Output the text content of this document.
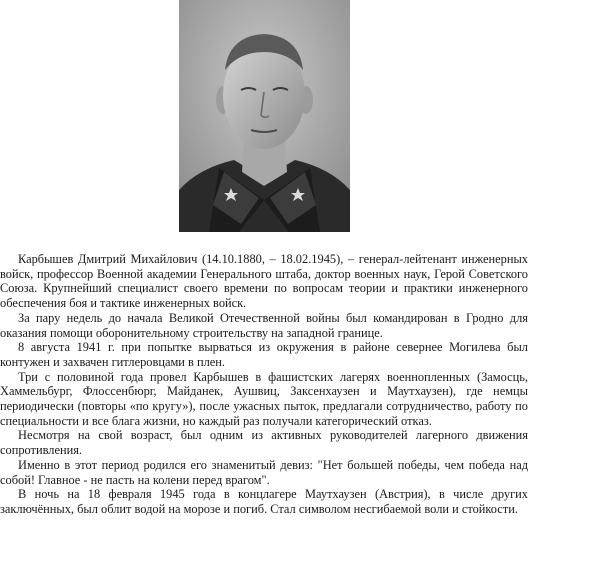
Карбышев Дмитрий Михайлович (14.10.1880, – 18.02.1945), – генерал-лейтенант инженерных войск, профессор Военной академии Генерального штаба, доктор военных наук, Герой Советского Союза. Крупнейший специалист своего времени по вопросам теории и практики инженерного обеспечения боя и тактике инженерных войск.

За пару недель до начала Великой Отечественной войны был командирован в Гродно для оказания помощи оборонительному строительству на западной границе.

8 августа 1941 г. при попытке вырваться из окружения в районе севернее Могилева был контужен и захвачен гитлеровцами в плен.

Три с половиной года провел Карбышев в фашистских лагерях военнопленных (Замосць, Хаммельбург, Флоссенбюрг, Майданек, Аушвиц, Заксенхаузен и Маутхаузен), где немцы периодически (повторы «по кругу»), после ужасных пыток, предлагали сотрудничество, работу по специальности и все блага жизни, но каждый раз получали категорический отказ.

Несмотря на свой возраст, был одним из активных руководителей лагерного движения сопротивления.

Именно в этот период родился его знаменитый девиз: "Нет большей победы, чем победа над собой! Главное - не пасть на колени перед врагом".

В ночь на 18 февраля 1945 года в концлагере Маутхаузен (Австрия), в числе других заключённых, был облит водой на морозе и погиб. Стал символом несгибаемой воли и стойкости.
